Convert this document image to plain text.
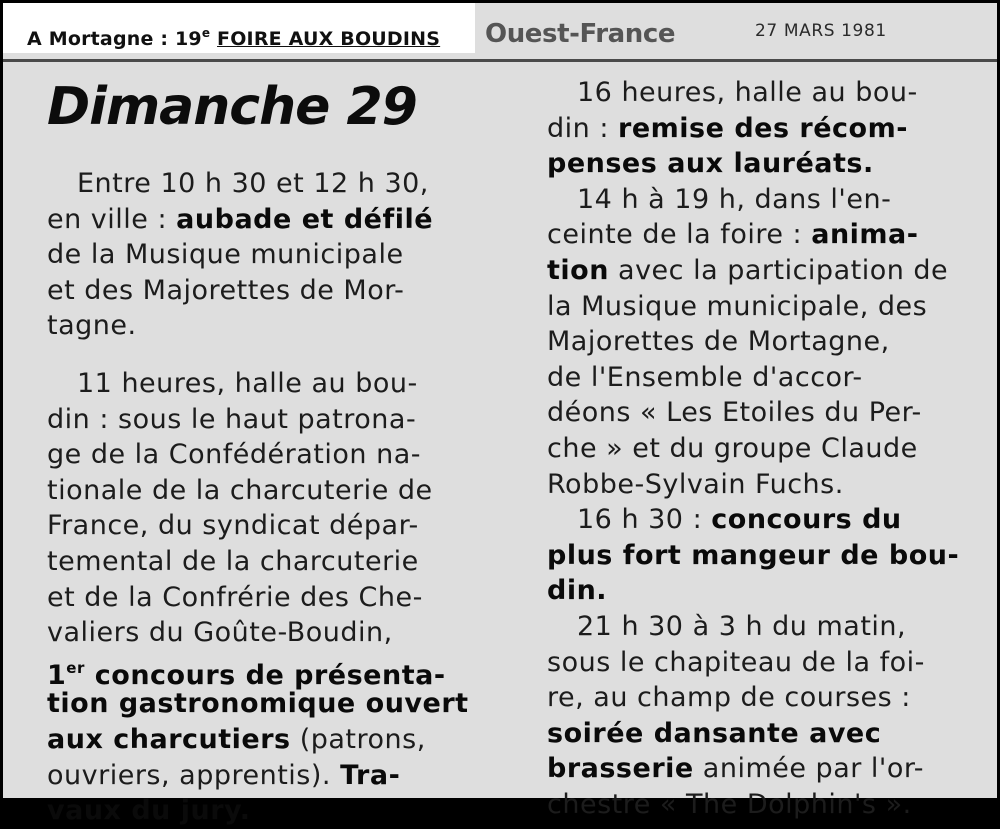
A Mortagne : 19e FOIRE AUX BOUDINS Ouest-France	27 MARS 1981
Dimanche 29
Entre 10 h 30 et 12 h 30,
en ville : aubade et défilé
de la Musique municipale
et des Majorettes de Mor-
tagne.
11 heures, halle au bou-
din : sous le haut patrona-
ge de la Confédération na-
tionale de la charcuterie de
France, du syndicat dépar-
temental de la charcuterie
et de la Confrérie des Che-
valiers du Goûte-Boudin,
1er concours de présenta-
tion gastronomique ouvert
aux charcutiers (patrons,
ouvriers, apprentis). Tra-
vaux du jury.
16 heures, halle au bou-
din : remise des récom-
penses aux lauréats.
14 h à 19 h, dans l'en-
ceinte de la foire : anima-
tion avec la participation de
la Musique municipale, des
Majorettes de Mortagne,
de l'Ensemble d'accor-
déons « Les Etoiles du Per-
che » et du groupe Claude
Robbe-Sylvain Fuchs.
16 h 30 : concours du
plus fort mangeur de bou-
din.
21 h 30 à 3 h du matin,
sous le chapiteau de la foi-
re, au champ de courses :
soirée dansante avec
brasserie animée par l'or-
chestre « The Dolphin's ».
